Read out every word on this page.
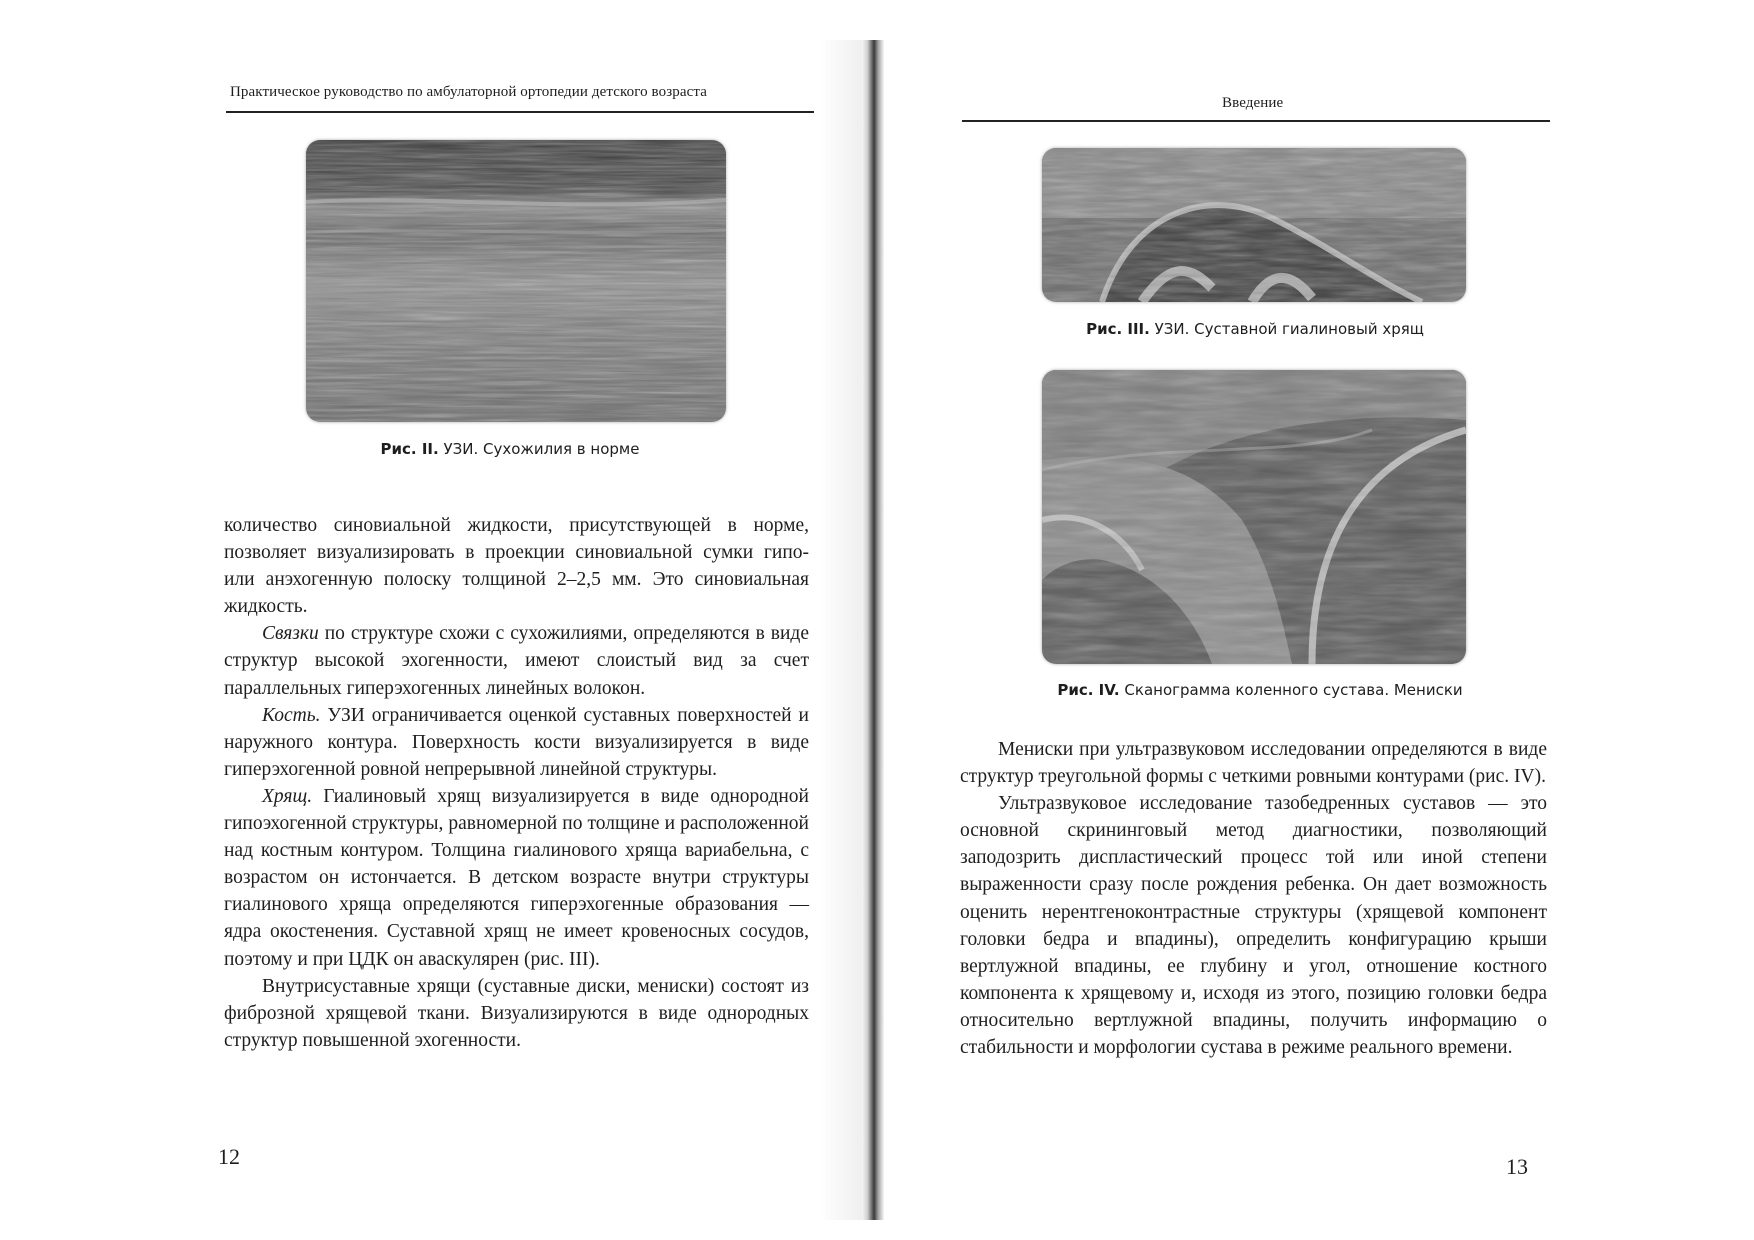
Практическое руководство по амбулаторной ортопедии детского возраста
Рис. II. УЗИ. Сухожилия в норме

количество синовиальной жидкости, присутствующей в норме, позволяет визуализировать в проекции синовиальной сумки гипо- или анэхогенную полоску толщиной 2–2,5 мм. Это синовиальная жидкость.

Связки по структуре схожи с сухожилиями, определяются в виде структур высокой эхогенности, имеют слоистый вид за счет параллельных гиперэхогенных линейных волокон.

Кость. УЗИ ограничивается оценкой суставных поверхностей и наружного контура. Поверхность кости визуализируется в виде гиперэхогенной ровной непрерывной линейной структуры.

Хрящ. Гиалиновый хрящ визуализируется в виде однородной гипоэхогенной структуры, равномерной по толщине и расположенной над костным контуром. Толщина гиалинового хряща вариабельна, с возрастом он истончается. В детском возрасте внутри структуры гиалинового хряща определяются гиперэхогенные образования — ядра окостенения. Суставной хрящ не имеет кровеносных сосудов, поэтому и при ЦДК он аваскулярен (рис. III).

Внутрисуставные хрящи (суставные диски, мениски) состоят из фиброзной хрящевой ткани. Визуализируются в виде однородных структур повышенной эхогенности.

12
Введение
Рис. III. УЗИ. Суставной гиалиновый хрящ
Рис. IV. Сканограмма коленного сустава. Мениски

Мениски при ультразвуковом исследовании определяются в виде структур треугольной формы с четкими ровными контурами (рис. IV).

Ультразвуковое исследование тазобедренных суставов — это основной скрининговый метод диагностики, позволяющий заподозрить диспластический процесс той или иной степени выраженности сразу после рождения ребенка. Он дает возможность оценить нерентгеноконтрастные структуры (хрящевой компонент головки бедра и впадины), определить конфигурацию крыши вертлужной впадины, ее глубину и угол, отношение костного компонента к хрящевому и, исходя из этого, позицию головки бедра относительно вертлужной впадины, получить информацию о стабильности и морфологии сустава в режиме реального времени.

13
